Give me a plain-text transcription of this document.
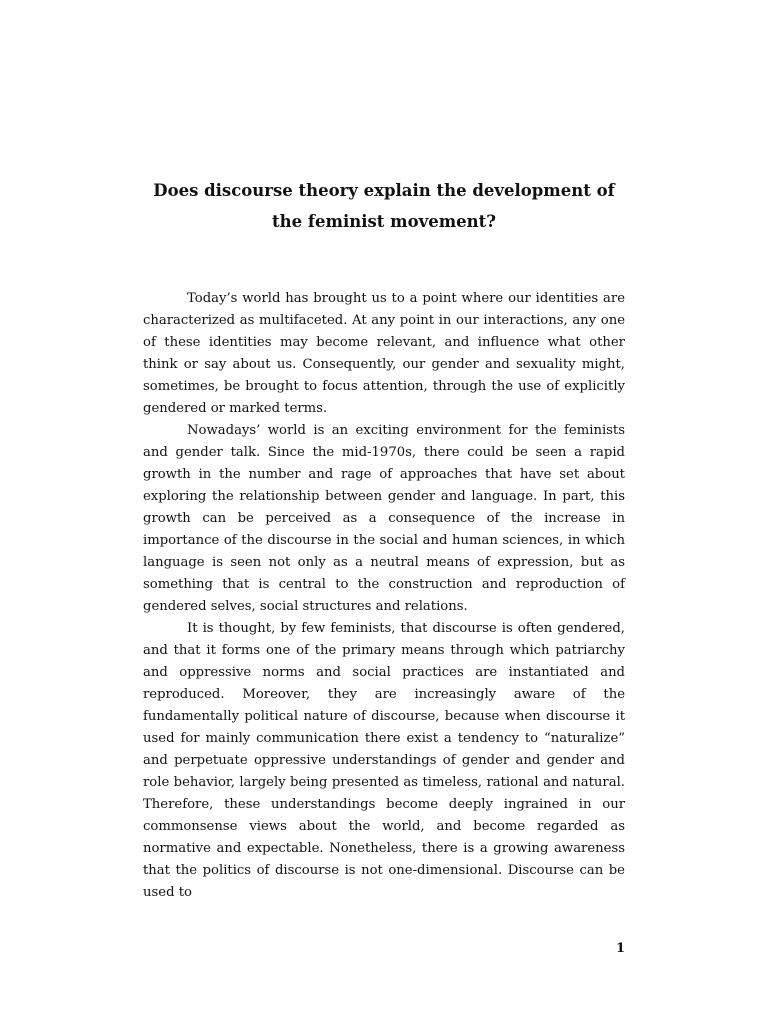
Does discourse theory explain the development of the feminist movement?

Today’s world has brought us to a point where our identities are characterized as multifaceted. At any point in our interactions, any one of these identities may become relevant, and influence what other think or say about us. Consequently, our gender and sexuality might, sometimes, be brought to focus attention, through the use of explicitly gendered or marked terms.

Nowadays’ world is an exciting environment for the feminists and gender talk. Since the mid-1970s, there could be seen a rapid growth in the number and rage of approaches that have set about exploring the relationship between gender and language. In part, this growth can be perceived as a consequence of the increase in importance of the discourse in the social and human sciences, in which language is seen not only as a neutral means of expression, but as something that is central to the construction and reproduction of gendered selves, social structures and relations.

It is thought, by few feminists, that discourse is often gendered, and that it forms one of the primary means through which patriarchy and oppressive norms and social practices are instantiated and reproduced. Moreover, they are increasingly aware of the fundamentally political nature of discourse, because when discourse it used for mainly communication there exist a tendency to “naturalize” and perpetuate oppressive understandings of gender and gender and role behavior, largely being presented as timeless, rational and natural. Therefore, these understandings become deeply ingrained in our commonsense views about the world, and become regarded as normative and expectable. Nonetheless, there is a growing awareness that the politics of discourse is not one-dimensional. Discourse can be used to

1
